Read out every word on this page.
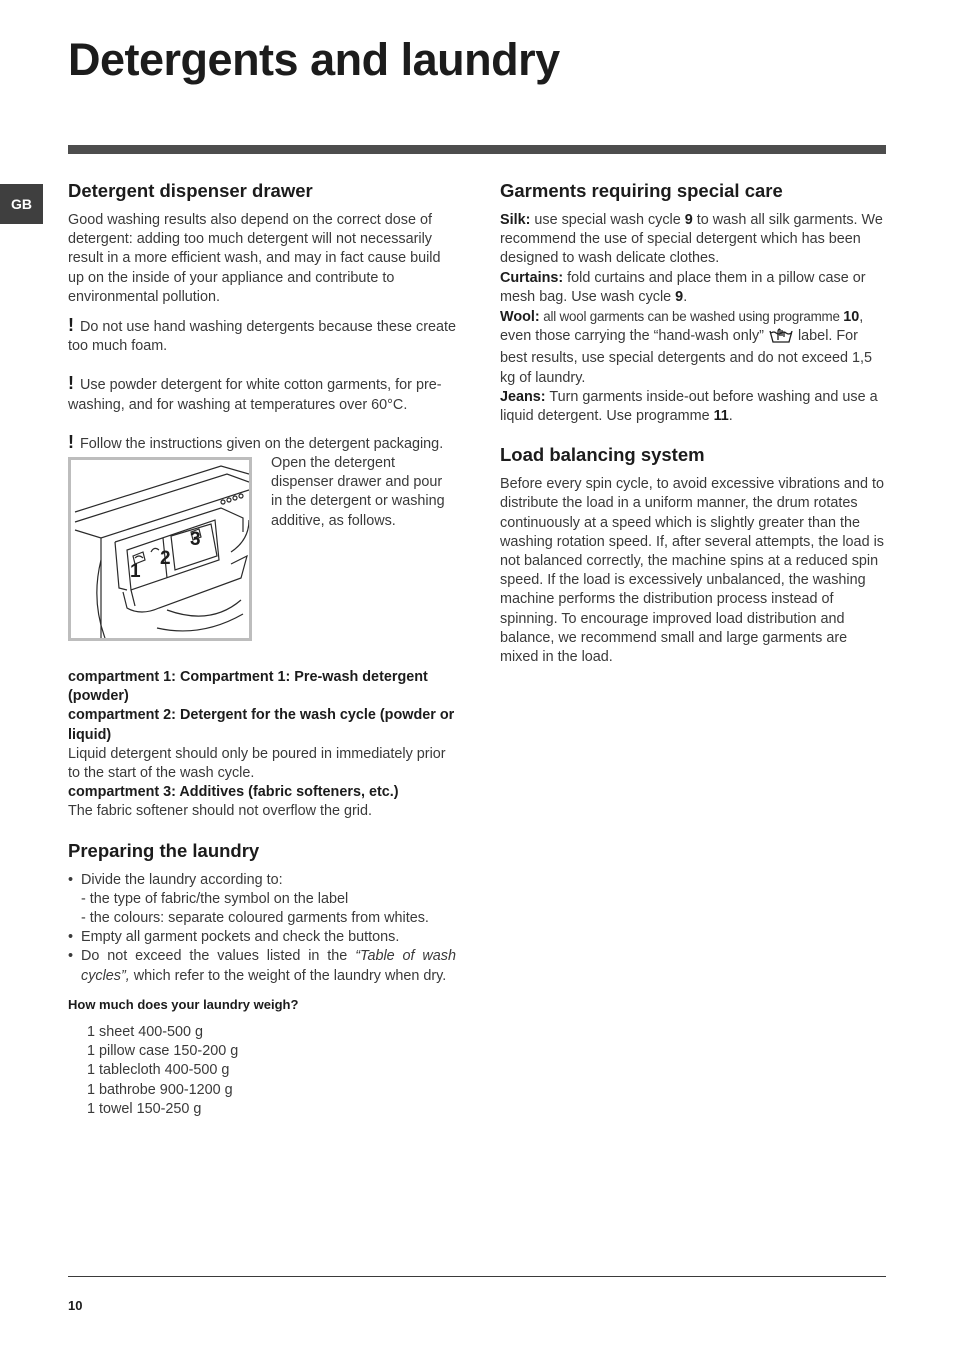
Detergents and laundry
GB
Detergent dispenser drawer

Good washing results also depend on the correct dose of detergent: adding too much detergent will not necessarily result in a more efficient wash, and may in fact cause build up on the inside of your appliance and contribute to environmental pollution.

! Do not use hand washing detergents because these create too much foam.

! Use powder detergent for white cotton garments, for pre-washing, and for washing at temperatures over 60°C.

! Follow the instructions given on the detergent packaging.

1
2
3

Open the detergent dispenser drawer and pour in the detergent or washing additive, as follows.

compartment 1: Compartment 1: Pre-wash detergent (powder)
compartment 2: Detergent for the wash cycle (powder or liquid)

Liquid detergent should only be poured in immediately prior to the start of the wash cycle.

compartment 3: Additives (fabric softeners, etc.)

The fabric softener should not overflow the grid.

Preparing the laundry
• Divide the laundry according to:
- the type of fabric/the symbol on the label
- the colours: separate coloured garments from whites.
• Empty all garment pockets and check the buttons.
• Do not exceed the values listed in the “Table of wash cycles”, which refer to the weight of the laundry when dry.

How much does your laundry weigh?

1 sheet 400-500 g
1 pillow case 150-200 g
1 tablecloth 400-500 g
1 bathrobe 900-1200 g
1 towel 150-250 g
Garments requiring special care

Silk: use special wash cycle 9 to wash all silk garments. We recommend the use of special detergent which has been designed to wash delicate clothes.

Curtains: fold curtains and place them in a pillow case or mesh bag. Use wash cycle 9.

Wool: all wool garments can be washed using programme 10, even those carrying the “hand-wash only”  label. For best results, use special detergents and do not exceed 1,5 kg of laundry.

Jeans: Turn garments inside-out before washing and use a liquid detergent. Use programme 11.

Load balancing system

Before every spin cycle, to avoid excessive vibrations and to distribute the load in a uniform manner, the drum rotates continuously at a speed which is slightly greater than the washing rotation speed. If, after several attempts, the load is not balanced correctly, the machine spins at a reduced spin speed. If the load is excessively unbalanced, the washing machine performs the distribution process instead of spinning. To encourage improved load distribution and balance, we recommend small and large garments are mixed in the load.

10
